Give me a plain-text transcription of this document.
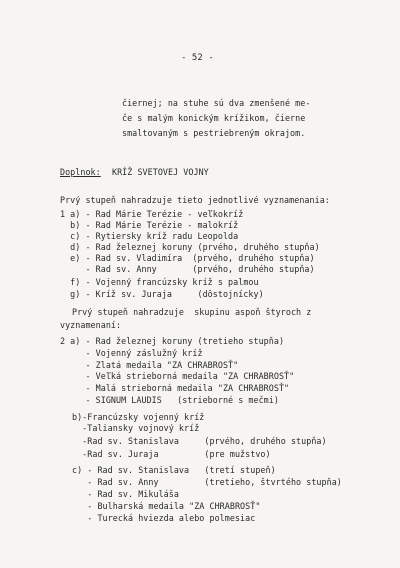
- 52 -
čiernej; na stuhe sú dva zmenšené me-
če s malým konickým krížikom, čierne
smaltovaným s pestriebreným okrajom.
Doplnok: KRÍŽ SVETOVEJ VOJNY
Prvý stupeň nahradzuje tieto jednotlivé vyznamenania:
1 a) - Rad Márie Terézie - veľkokríž
b) - Rad Márie Terézie - malokríž
c) - Rytiersky kríž radu Leopolda
d) - Rad železnej koruny (prvého, druhého stupňa)
e) - Rad sv. Vladimíra  (prvého, druhého stupňa)
- Rad sv. Anny       (prvého, druhého stupňa)
f) - Vojenný francúzsky kríž s palmou
g) - Kríž sv. Juraja     (dôstojnícky)
Prvý stupeň nahradzuje  skupinu aspoň štyroch z
vyznamenaní:
2 a) - Rad železnej koruny (tretieho stupňa)
- Vojenný záslužný kríž
- Zlatá medaila "ZA CHRABROSŤ"
- Veľká strieborná medaila "ZA CHRABROSŤ"
- Malá strieborná medaila "ZA CHRABROSŤ"
- SIGNUM LAUDIS   (strieborné s mečmi)
b)-Francúzsky vojenný kríž
-Taliansky vojnový kríž
-Rad sv. Stanislava     (prvého, druhého stupňa)
-Rad sv. Juraja         (pre mužstvo)
c) - Rad sv. Stanislava   (tretí stupeň)
- Rad sv. Anny         (tretieho, štvrtého stupňa)
- Rad sv. Mikuláša
- Bulharská medaila "ZA CHRABROSŤ"
- Turecká hviezda alebo polmesiac
